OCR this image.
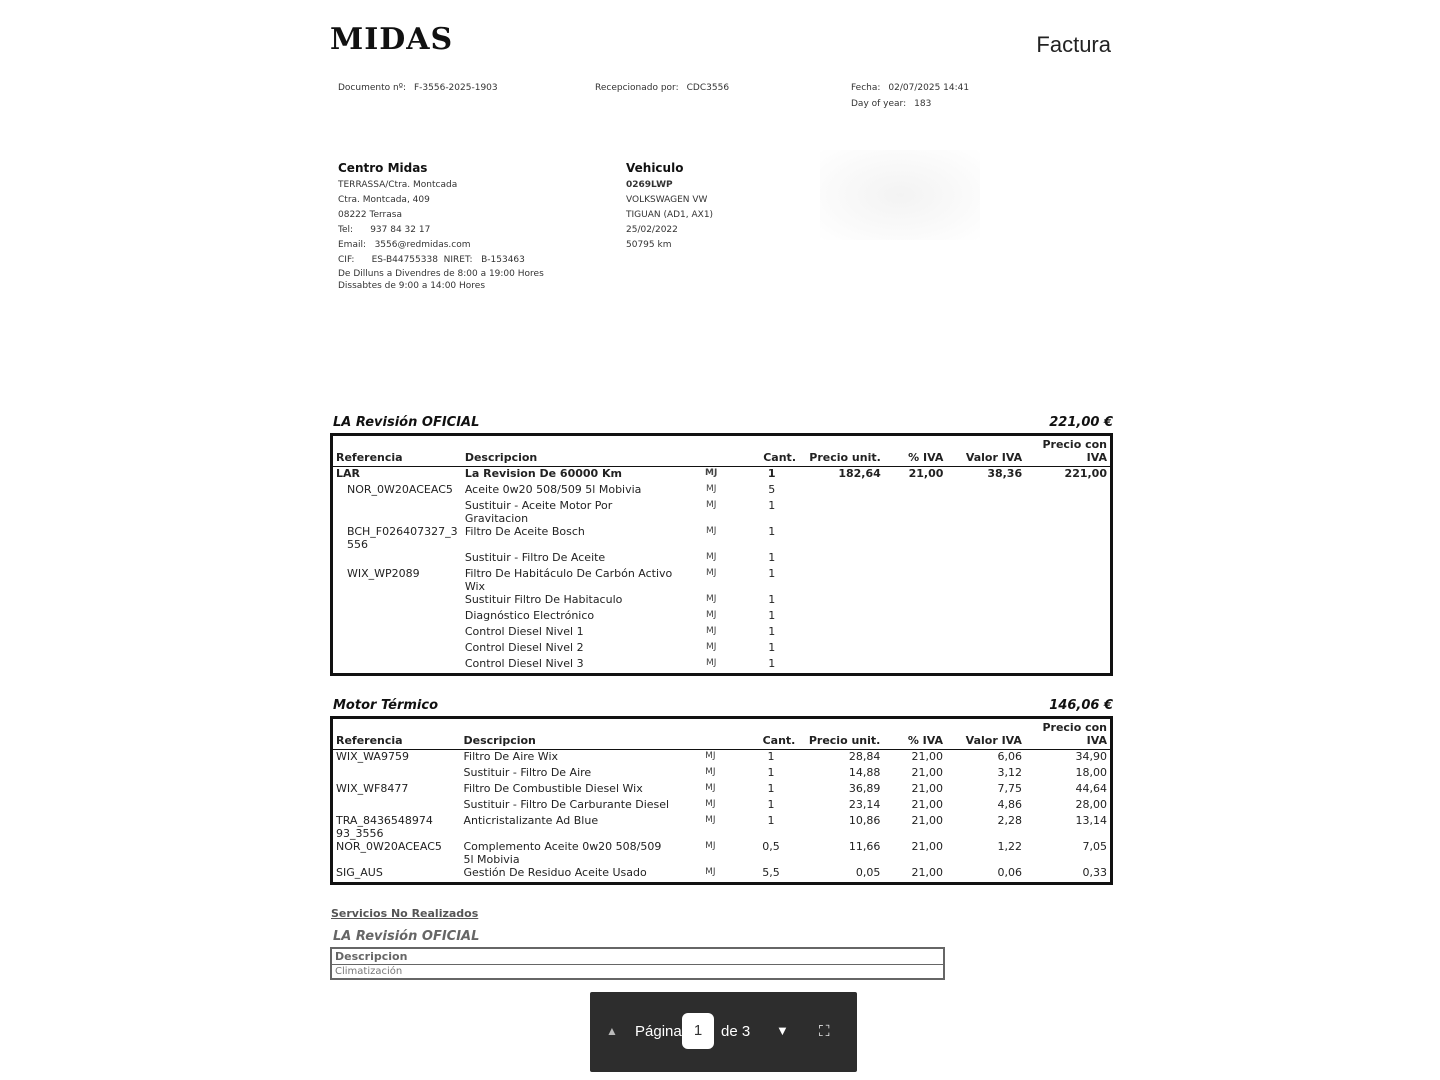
MIDAS	Factura
Documento nº: F-3556-2025-1903	Recepcionado por: CDC3556	Fecha: 02/07/2025 14:41
Day of year: 183
Centro Midas
TERRASSA/Ctra. Montcada
Ctra. Montcada, 409
08222 Terrasa
Tel:      937 84 32 17
Email:   3556@redmidas.com
CIF:      ES-B44755338  NIRET:   B-153463
De Dilluns a Divendres de 8:00 a 19:00 Hores
Dissabtes de 9:00 a 14:00 Hores
Vehiculo
0269LWP
VOLKSWAGEN VW
TIGUAN (AD1, AX1)
25/02/2022
50795 km
LA Revisión OFICIAL	221,00 €
Referencia	Descripcion		Cant.	Precio unit.	% IVA	Valor IVA	Precio con IVA
LAR	La Revision De 60000 Km	MJ	1	182,64	21,00	38,36	221,00
NOR_0W20ACEAC5	Aceite 0w20 508/509 5l Mobivia	MJ	5				
	Sustituir - Aceite Motor Por Gravitacion	MJ	1				
BCH_F026407327_3 556	Filtro De Aceite Bosch	MJ	1				
	Sustituir - Filtro De Aceite	MJ	1				
WIX_WP2089	Filtro De Habitáculo De Carbón Activo Wix	MJ	1				
	Sustituir Filtro De Habitaculo	MJ	1				
	Diagnóstico Electrónico	MJ	1				
	Control Diesel Nivel 1	MJ	1				
	Control Diesel Nivel 2	MJ	1				
	Control Diesel Nivel 3	MJ	1				
Motor Térmico	146,06 €
Referencia	Descripcion		Cant.	Precio unit.	% IVA	Valor IVA	Precio con IVA
WIX_WA9759	Filtro De Aire Wix	MJ	1	28,84	21,00	6,06	34,90
	Sustituir - Filtro De Aire	MJ	1	14,88	21,00	3,12	18,00
WIX_WF8477	Filtro De Combustible Diesel Wix	MJ	1	36,89	21,00	7,75	44,64
	Sustituir - Filtro De Carburante Diesel	MJ	1	23,14	21,00	4,86	28,00
TRA_8436548974 93_3556	Anticristalizante Ad Blue	MJ	1	10,86	21,00	2,28	13,14
NOR_0W20ACEAC5	Complemento Aceite 0w20 508/509 5l Mobivia	MJ	0,5	11,66	21,00	1,22	7,05
SIG_AUS	Gestión De Residuo Aceite Usado	MJ	5,5	0,05	21,00	0,06	0,33
Servicios No Realizados
LA Revisión OFICIAL
Descripcion
Climatización
▲ Página 1	de 3 ▼ ⛶
